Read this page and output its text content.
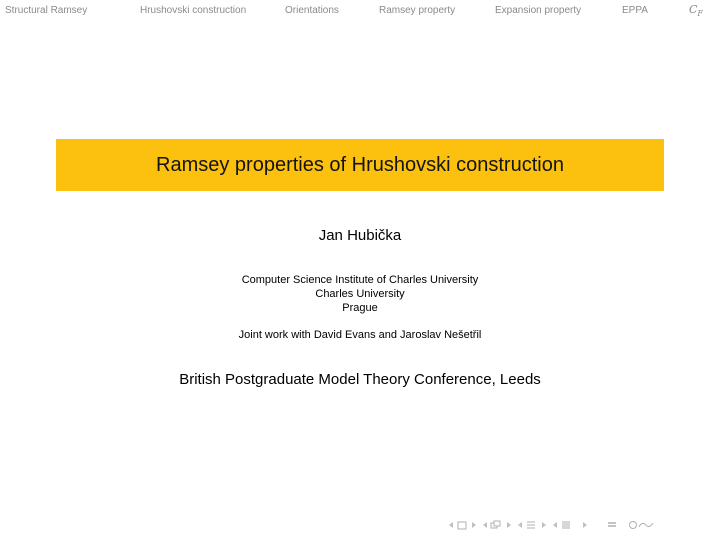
Structural Ramsey	Hrushovski construction	Orientations	Ramsey property	Expansion property	EPPA	$C_F$
Ramsey properties of Hrushovski construction
Jan Hubička
Computer Science Institute of Charles University
Charles University
Prague
Joint work with David Evans and Jaroslav Nešetřil
British Postgraduate Model Theory Conference, Leeds
